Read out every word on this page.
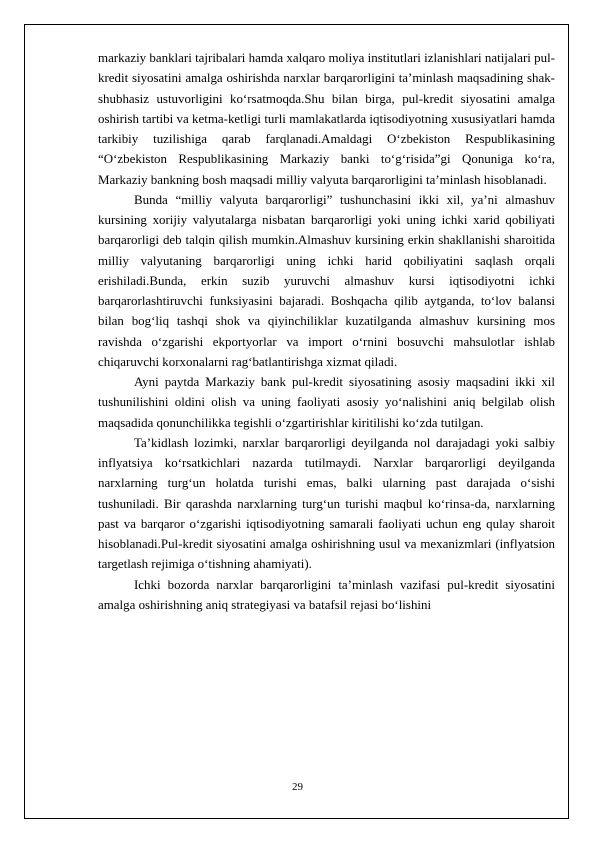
markaziy banklari tajribalari hamda xalqaro moliya institutlari izlanishlari natijalari pul-kredit siyosatini amalga oshirishda narxlar barqarorligini ta’minlash maqsadining shak-shubhasiz ustuvorligini ko‘rsatmoqda.Shu bilan birga, pul-kredit siyosatini amalga oshirish tartibi va ketma-ketligi turli mamlakatlarda iqtisodiyotning xususiyatlari hamda tarkibiy tuzilishiga qarab farqlanadi.Amaldagi O‘zbekiston Respublikasining “O‘zbekiston Respublikasining Markaziy banki to‘g‘risida”gi Qonuniga ko‘ra, Markaziy bankning bosh maqsadi milliy valyuta barqarorligini ta’minlash hisoblanadi.

Bunda “milliy valyuta barqarorligi” tushunchasini ikki xil, ya’ni almashuv kursining xorijiy valyutalarga nisbatan barqarorligi yoki uning ichki xarid qobiliyati barqarorligi deb talqin qilish mumkin.Almashuv kursining erkin shakllanishi sharoitida milliy valyutaning barqarorligi uning ichki harid qobiliyatini saqlash orqali erishiladi.Bunda, erkin suzib yuruvchi almashuv kursi iqtisodiyotni ichki barqarorlashtiruvchi funksiyasini bajaradi. Boshqacha qilib aytganda, to‘lov balansi bilan bog‘liq tashqi shok va qiyinchiliklar kuzatilganda almashuv kursining mos ravishda o‘zgarishi ekportyorlar va import o‘rnini bosuvchi mahsulotlar ishlab chiqaruvchi korxonalarni rag‘batlantirishga xizmat qiladi.

Ayni paytda Markaziy bank pul-kredit siyosatining asosiy maqsadini ikki xil tushunilishini oldini olish va uning faoliyati asosiy yo‘nalishini aniq belgilab olish maqsadida qonunchilikka tegishli o‘zgartirishlar kiritilishi ko‘zda tutilgan.

Ta’kidlash lozimki, narxlar barqarorligi deyilganda nol darajadagi yoki salbiy inflyatsiya ko‘rsatkichlari nazarda tutilmaydi. Narxlar barqarorligi deyilganda narxlarning turg‘un holatda turishi emas, balki ularning past darajada o‘sishi tushuniladi. Bir qarashda narxlarning turg‘un turishi maqbul ko‘rinsa-da, narxlarning past va barqaror o‘zgarishi iqtisodiyotning samarali faoliyati uchun eng qulay sharoit hisoblanadi.Pul-kredit siyosatini amalga oshirishning usul va mexanizmlari (inflyatsion targetlash rejimiga o‘tishning ahamiyati).

Ichki bozorda narxlar barqarorligini ta’minlash vazifasi pul-kredit siyosatini amalga oshirishning aniq strategiyasi va batafsil rejasi bo‘lishini

29
